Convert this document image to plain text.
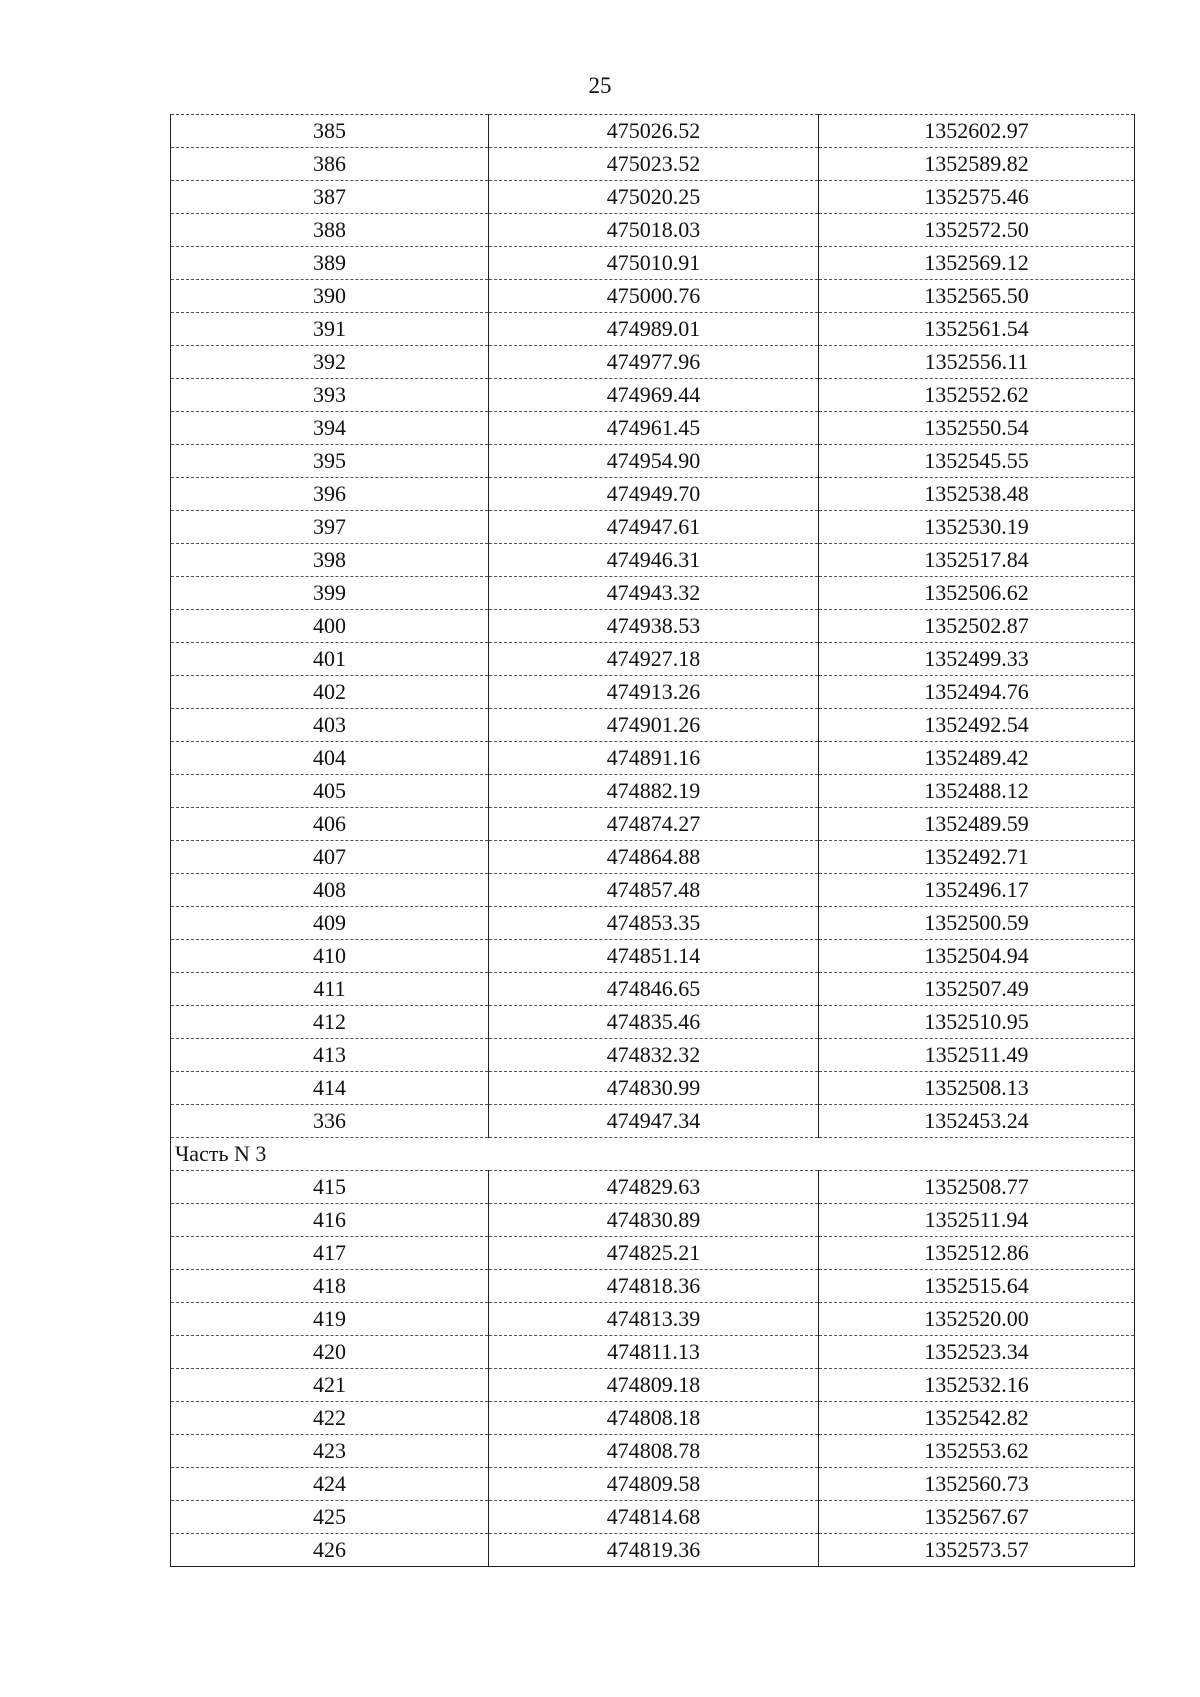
25
385	475026.52	1352602.97
386	475023.52	1352589.82
387	475020.25	1352575.46
388	475018.03	1352572.50
389	475010.91	1352569.12
390	475000.76	1352565.50
391	474989.01	1352561.54
392	474977.96	1352556.11
393	474969.44	1352552.62
394	474961.45	1352550.54
395	474954.90	1352545.55
396	474949.70	1352538.48
397	474947.61	1352530.19
398	474946.31	1352517.84
399	474943.32	1352506.62
400	474938.53	1352502.87
401	474927.18	1352499.33
402	474913.26	1352494.76
403	474901.26	1352492.54
404	474891.16	1352489.42
405	474882.19	1352488.12
406	474874.27	1352489.59
407	474864.88	1352492.71
408	474857.48	1352496.17
409	474853.35	1352500.59
410	474851.14	1352504.94
411	474846.65	1352507.49
412	474835.46	1352510.95
413	474832.32	1352511.49
414	474830.99	1352508.13
336	474947.34	1352453.24
Часть N 3		
415	474829.63	1352508.77
416	474830.89	1352511.94
417	474825.21	1352512.86
418	474818.36	1352515.64
419	474813.39	1352520.00
420	474811.13	1352523.34
421	474809.18	1352532.16
422	474808.18	1352542.82
423	474808.78	1352553.62
424	474809.58	1352560.73
425	474814.68	1352567.67
426	474819.36	1352573.57
